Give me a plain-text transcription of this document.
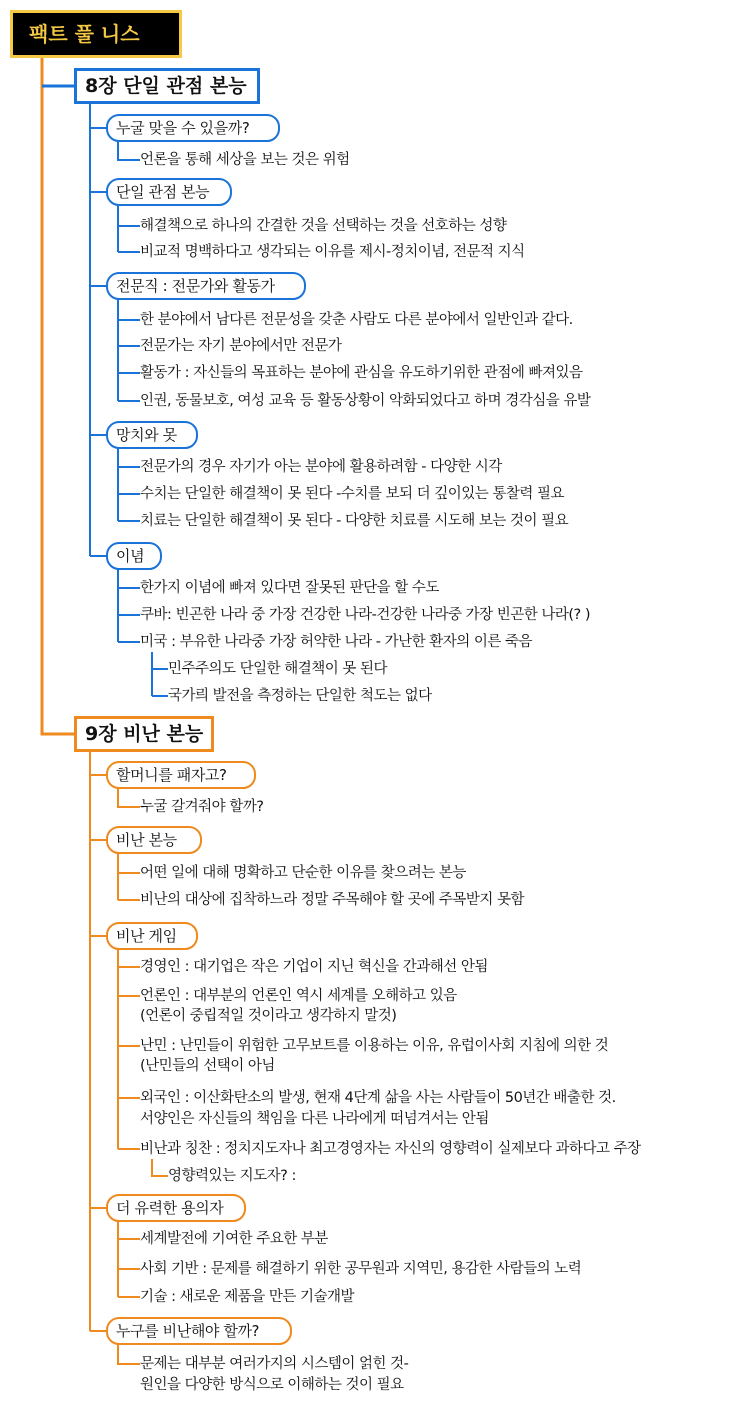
팩트 풀 니스
8장 단일 관점 본능
누굴 맞을 수 있을까?
언론을 통해 세상을 보는 것은 위험
단일 관점 본능
해결책으로 하나의 간결한 것을 선택하는 것을 선호하는 성향
비교적 명백하다고 생각되는 이유를 제시-정치이념, 전문적 지식
전문직 : 전문가와 활동가
한 분야에서 남다른 전문성을 갖춘 사람도 다른 분야에서 일반인과 같다.
전문가는 자기 분야에서만 전문가
활동가 : 자신들의 목표하는 분야에 관심을 유도하기위한 관점에 빠져있음
인권, 동물보호, 여성 교육 등 활동상황이 악화되었다고 하며 경각심을 유발
망치와 못
전문가의 경우 자기가 아는 분야에 활용하려함 - 다양한 시각
수치는 단일한 해결책이 못 된다 -수치를 보되 더 깊이있는 통찰력 필요
치료는 단일한 해결책이 못 된다 - 다양한 치료를 시도해 보는 것이 필요
이념
한가지 이념에 빠져 있다면 잘못된 판단을 할 수도
쿠바: 빈곤한 나라 중 가장 건강한 나라-건강한 나라중 가장 빈곤한 나라(? )
미국 : 부유한 나라중 가장 허약한 나라 - 가난한 환자의 이른 죽음
민주주의도 단일한 해결책이 못 된다
국가릐 발전을 측정하는 단일한 척도는 없다
9장 비난 본능
할머니를 패자고?
누굴 갈겨줘야 할까?
비난 본능
어떤 일에 대해 명확하고 단순한 이유를 찾으려는 본능
비난의 대상에 집착하느라 정말 주목해야 할 곳에 주목받지 못함
비난 게임
경영인 : 대기업은 작은 기업이 지닌 혁신을 간과해선 안됨
언론인 : 대부분의 언론인 역시 세계를 오해하고 있음
(언론이 중립적일 것이라고 생각하지 말것)
난민 : 난민들이 위험한 고무보트를 이용하는 이유, 유럽이사회 지침에 의한 것
(난민들의 선택이 아님
외국인 : 이산화탄소의 발생, 현재 4단계 삶을 사는 사람들이 50년간 배출한 것.
서양인은 자신들의 책임을 다른 나라에게 떠넘겨서는 안됨
비난과 칭찬 : 정치지도자나 최고경영자는 자신의 영향력이 실제보다 과하다고 주장
영향력있는 지도자? :
더 유력한 용의자
세계발전에 기여한 주요한 부분
사회 기반 : 문제를 해결하기 위한 공무원과 지역민, 용감한 사람들의 노력
기술 : 새로운 제품을 만든 기술개발
누구를 비난해야 할까?
문제는 대부분 여러가지의 시스템이 얽힌 것-
원인을 다양한 방식으로 이해하는 것이 필요
